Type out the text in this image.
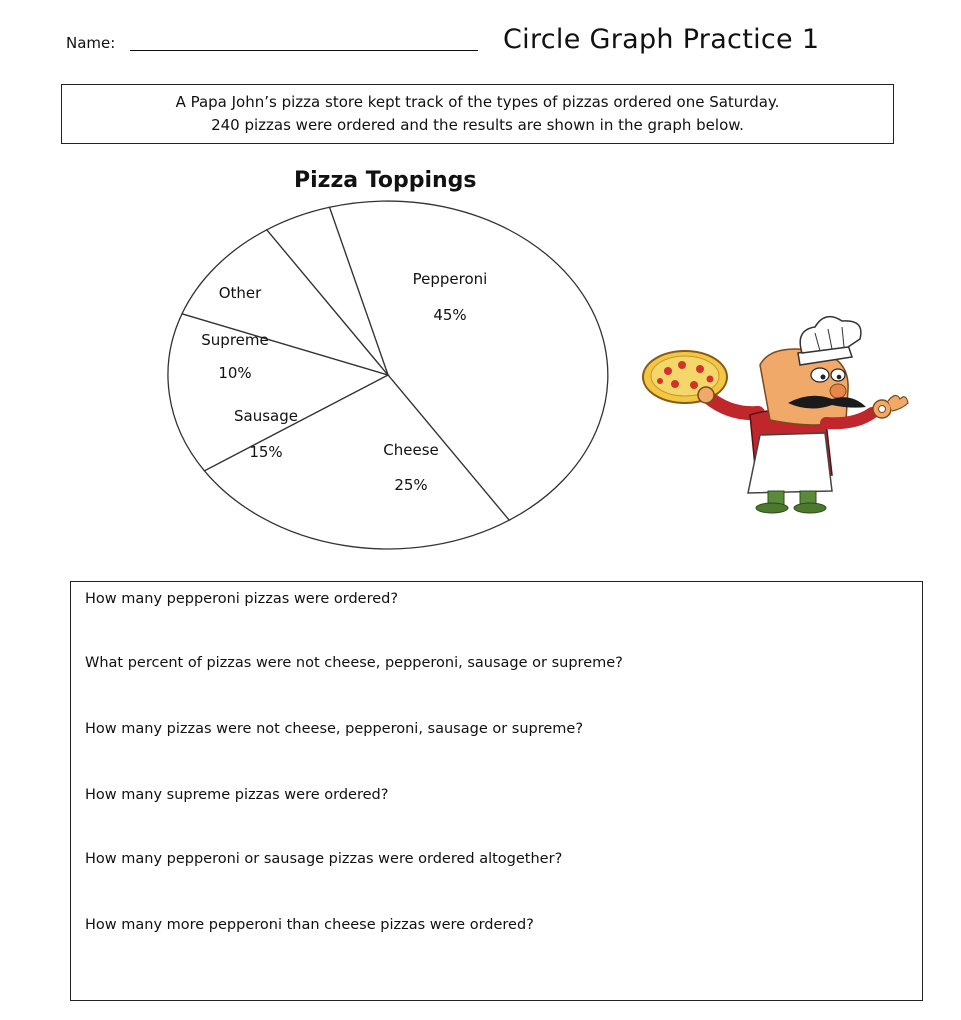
Name:	Circle Graph Practice 1
A Papa John’s pizza store kept track of the types of pizzas ordered one Saturday.
240 pizzas were ordered and the results are shown in the graph below.
Pizza Toppings
Pepperoni
45%
Cheese
25%
Sausage
15%
Supreme
10%
Other
How many pepperoni pizzas were ordered?
What percent of pizzas were not cheese, pepperoni, sausage or supreme?
How many pizzas were not cheese, pepperoni, sausage or supreme?
How many supreme pizzas were ordered?
How many pepperoni or sausage pizzas were ordered altogether?
How many more pepperoni than cheese pizzas were ordered?
